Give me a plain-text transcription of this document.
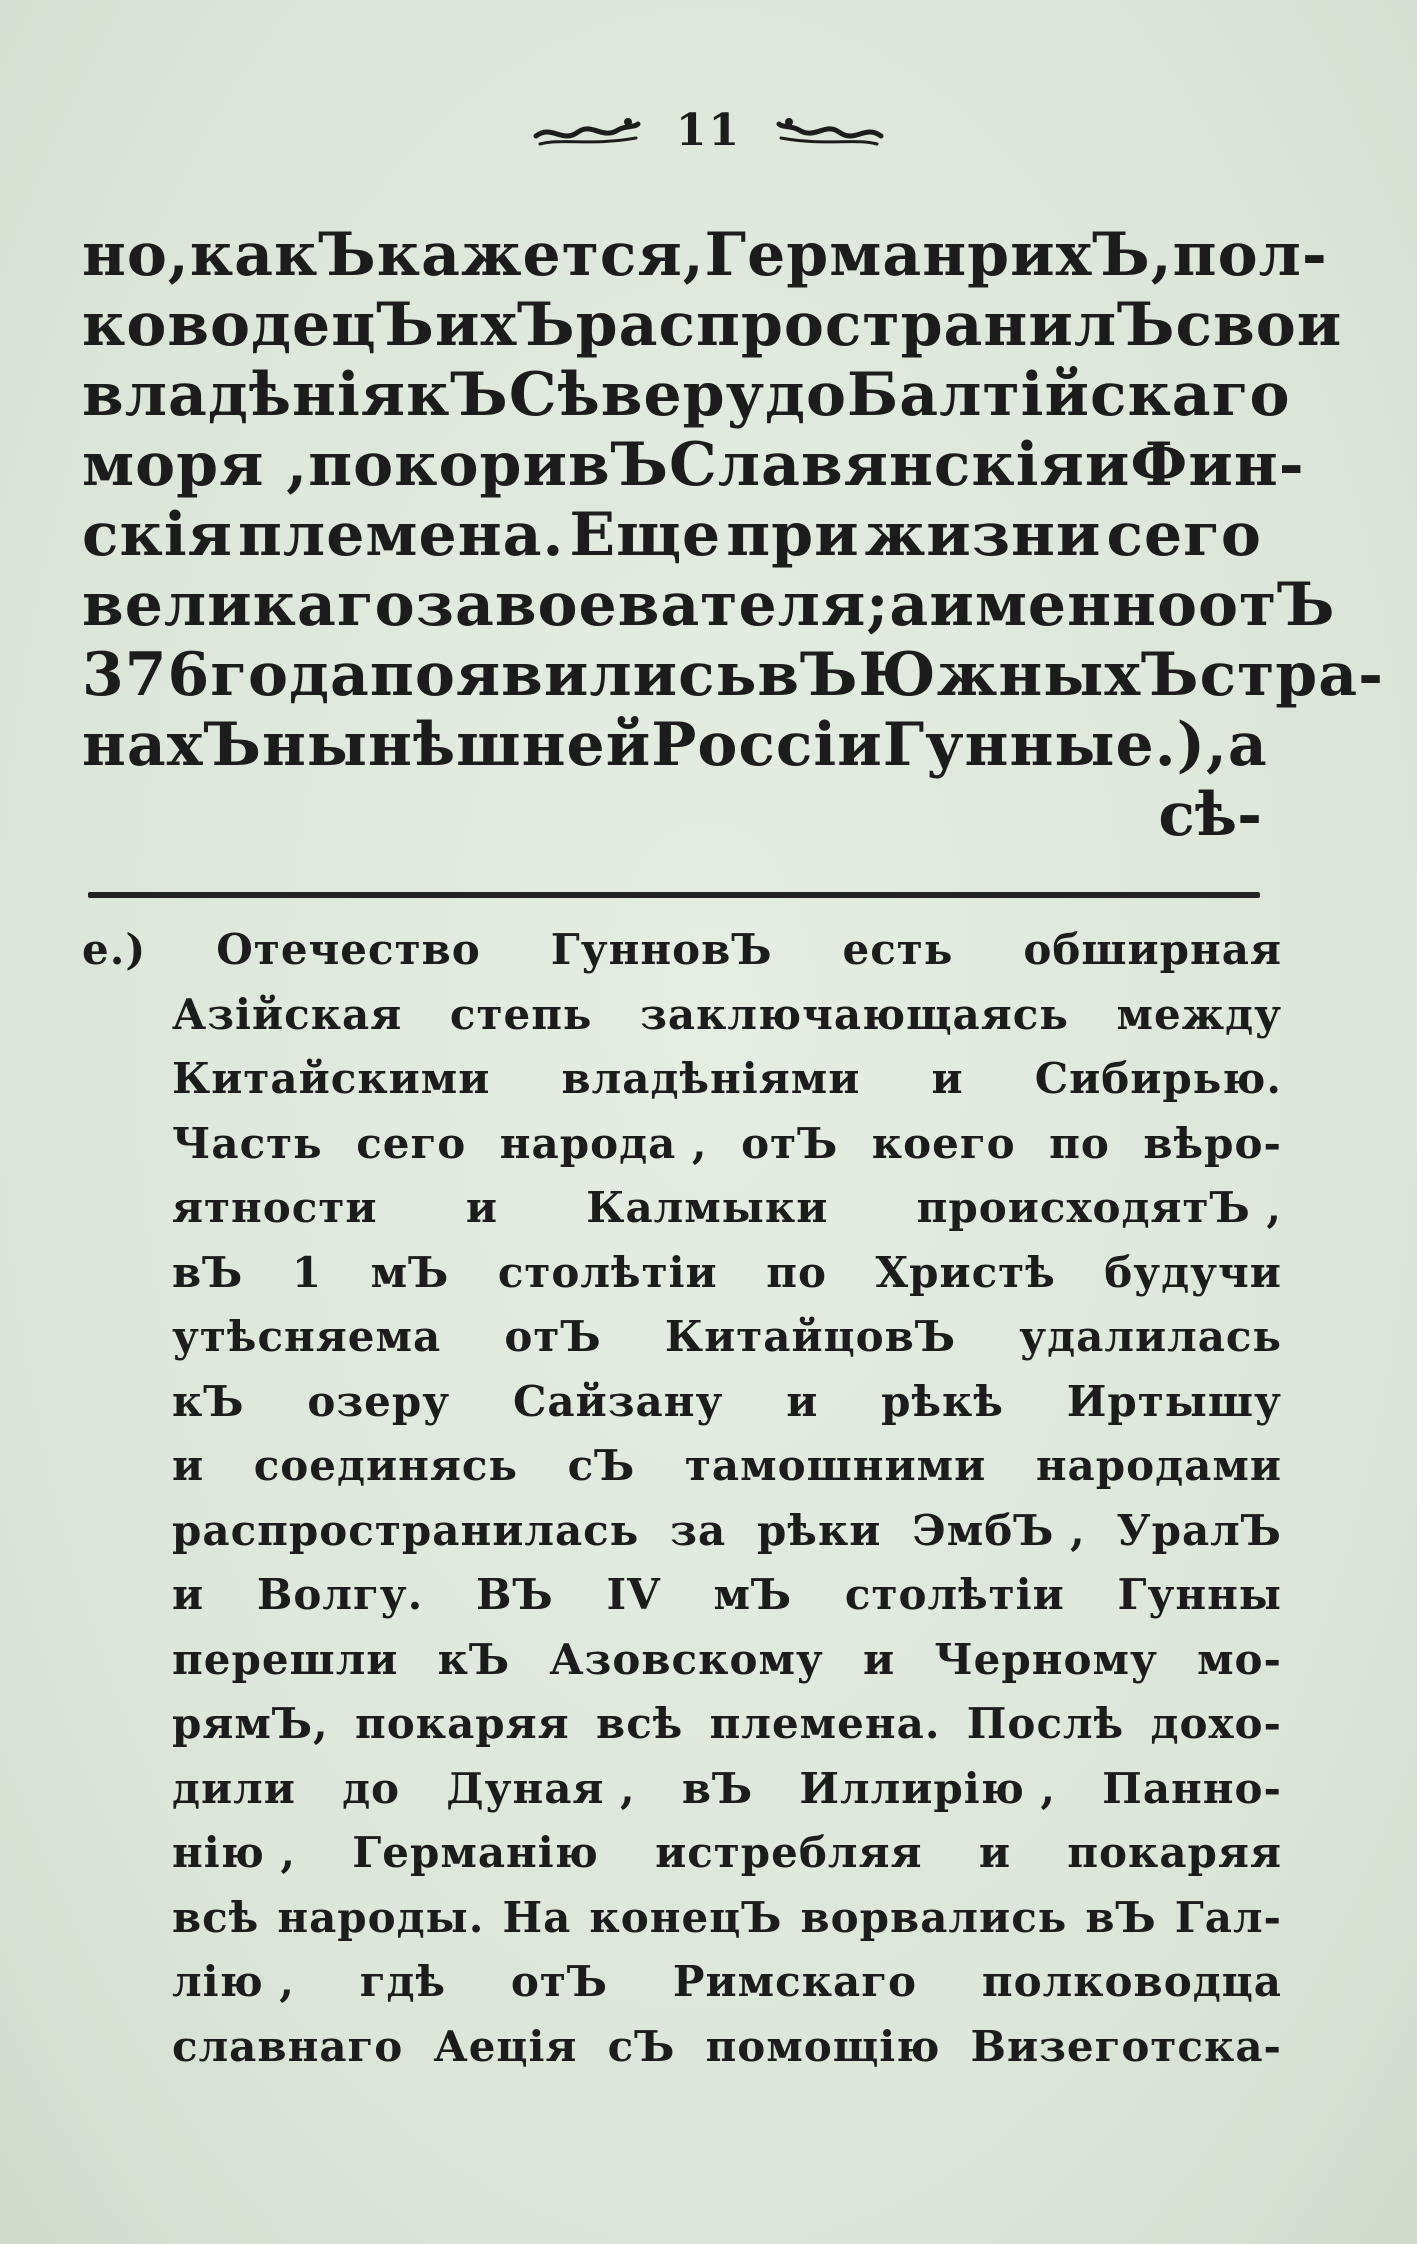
11
но, какЪ кажется, ГерманрихЪ, пол-
ководецЪ ихЪ распространилЪ свои
владѣнія кЪ Сѣверу до Балтійскаго
моря , покоривЪ Славянскія и Фин-
скія племена. Еще при жизни сего
великаго завоевателя; а именно отЪ
376 года появились вЪ ЮжныхЪ стра-
нахЪ нынѣшней Россіи Гунны е.), а
сѣ-
е.) Отечество ГунновЪ есть обширная
Азійская степь заключающаясь между
Китайскими владѣніями и Сибирью.
Часть сего народа , отЪ коего по вѣро-
ятности и Калмыки происходятЪ ,
вЪ 1 мЪ столѣтіи по Христѣ будучи
утѣсняема отЪ КитайцовЪ удалилась
кЪ озеру Сайзану и рѣкѣ Иртышу
и соединясь сЪ тамошними народами
распространилась за рѣки ЭмбЪ , УралЪ
и Волгу. ВЪ IV мЪ столѣтіи Гунны
перешли кЪ Азовскому и Черному мо-
рямЪ, покаряя всѣ племена. Послѣ дохо-
дили до Дуная , вЪ Иллирію , Панно-
нію , Германію истребляя и покаряя
всѣ народы. На конецЪ ворвались вЪ Гал-
лію , гдѣ отЪ Римскаго полководца
славнаго Аеція сЪ помощію Визеготска-
